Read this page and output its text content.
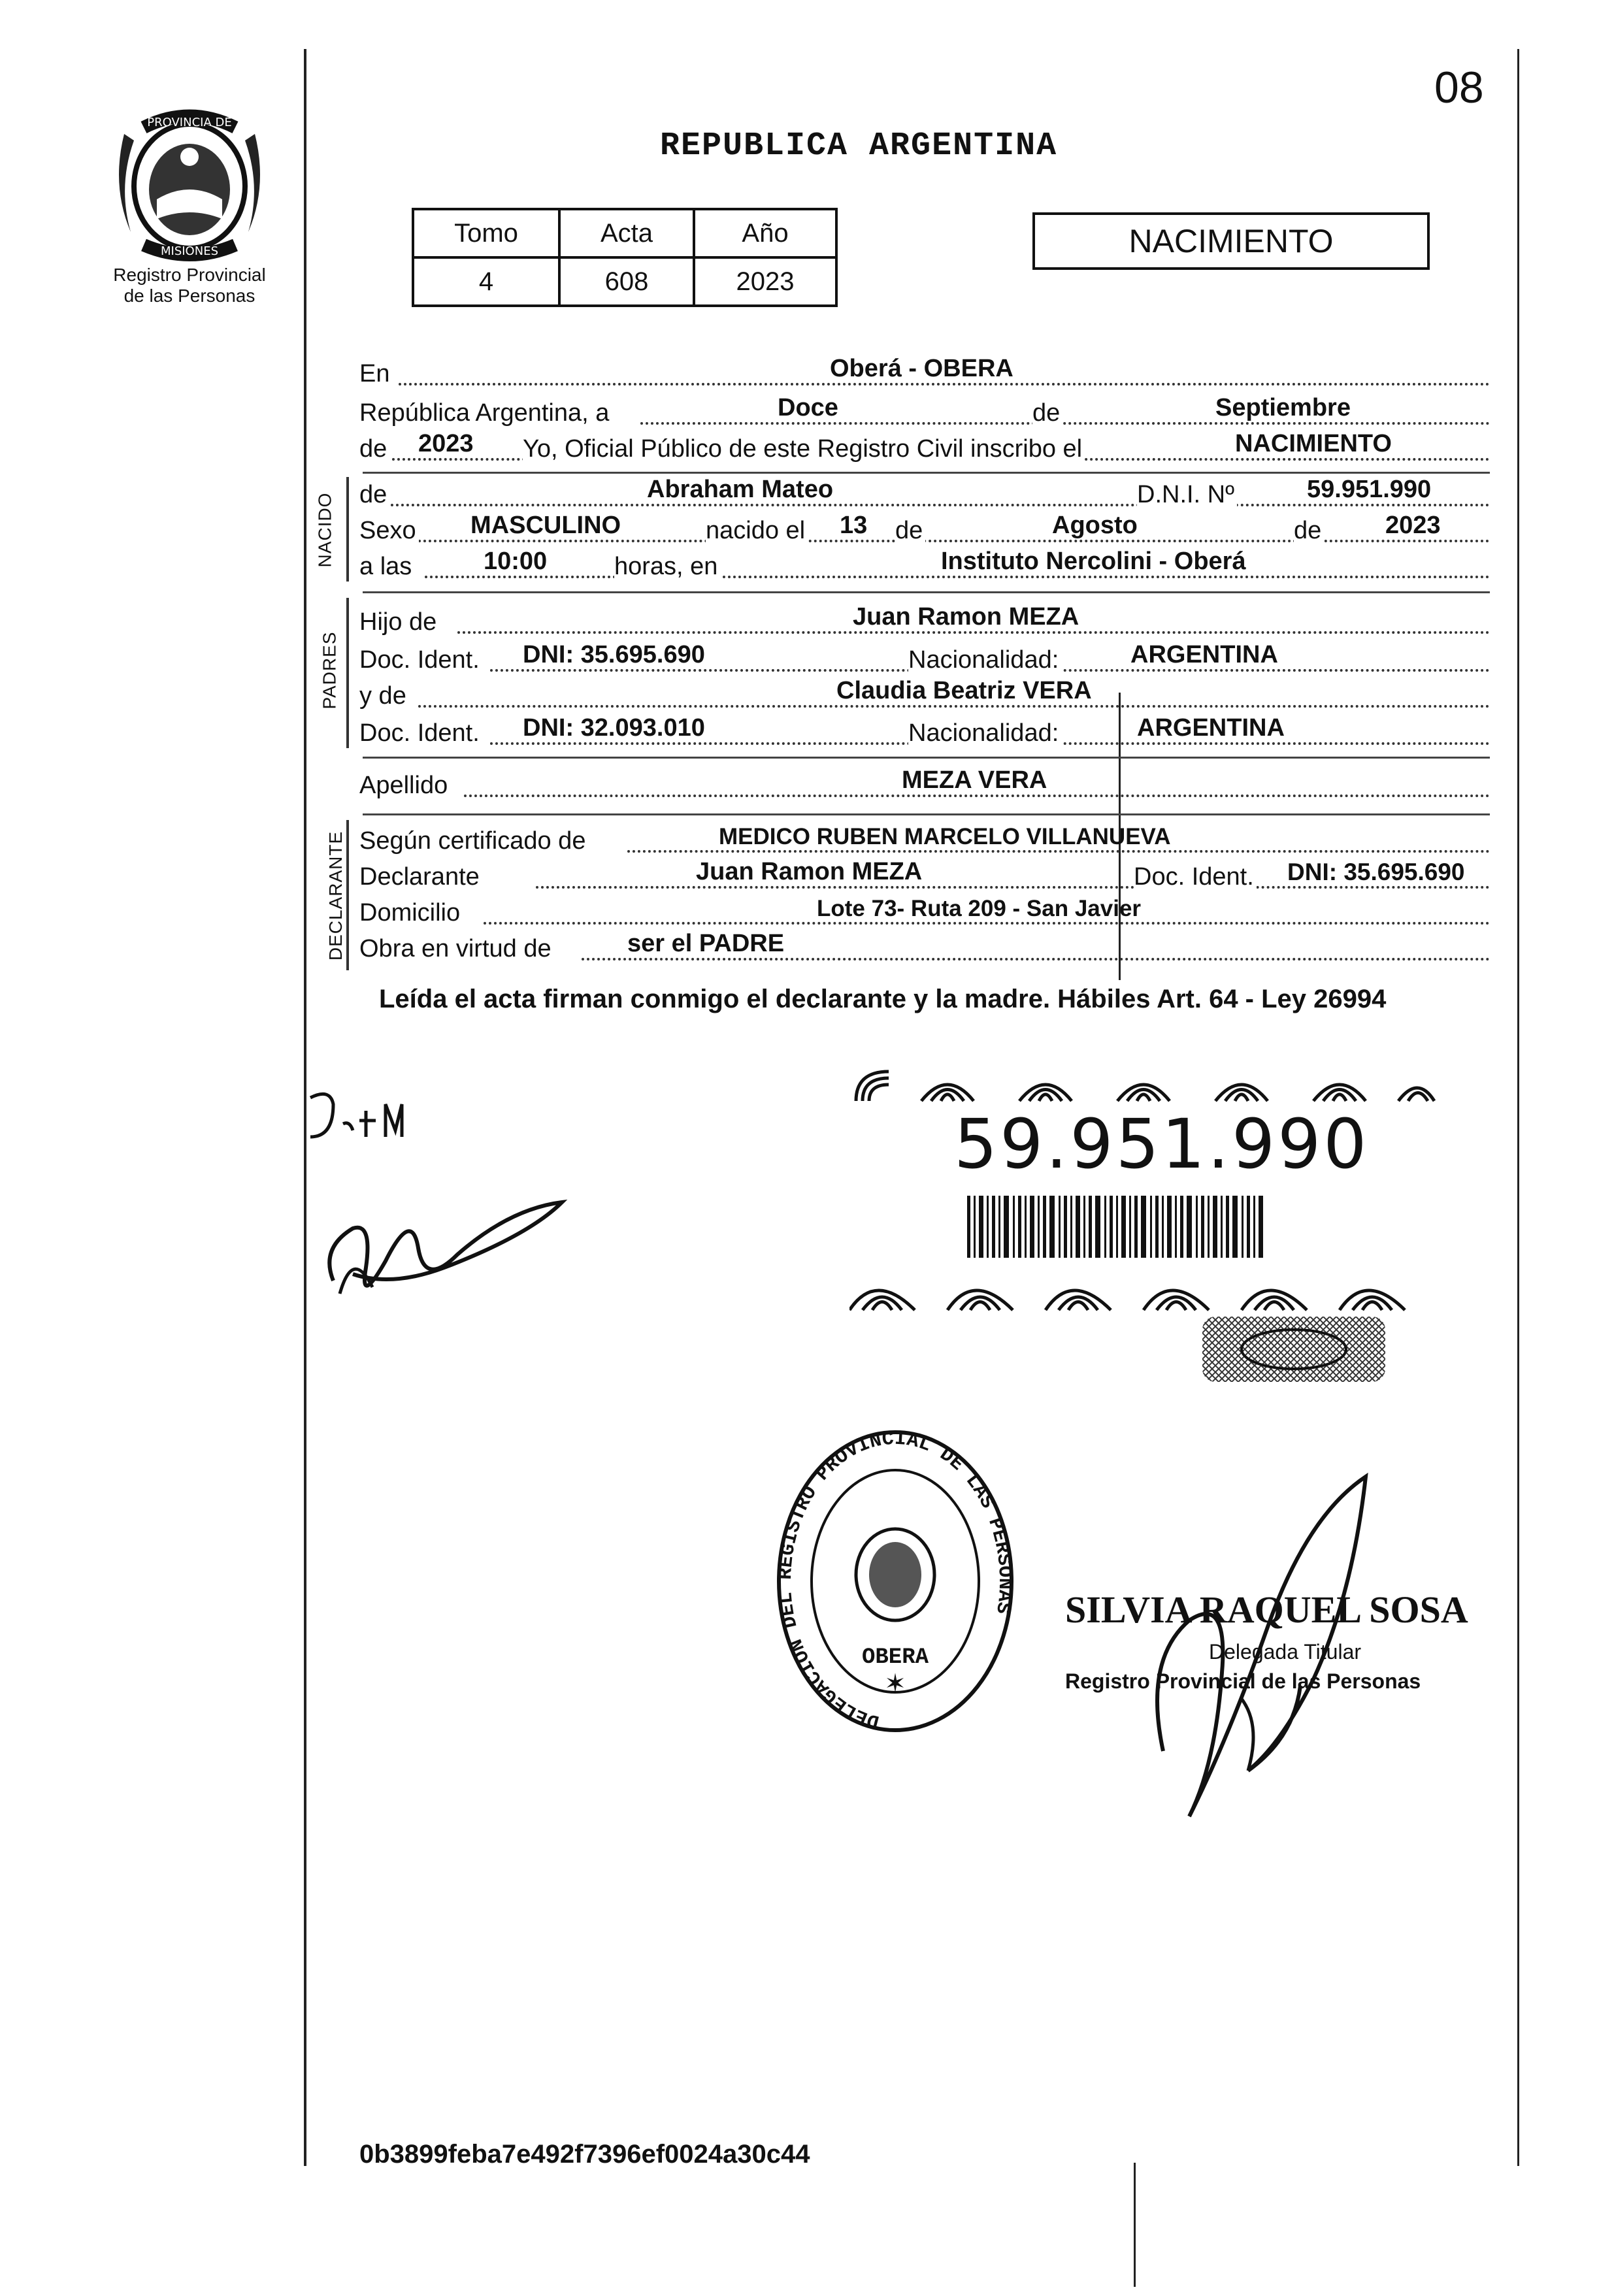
08
PROVINCIA DE
MISIONES
Registro Provincial
de las Personas
REPUBLICA ARGENTINA
Tomo	Acta	Año
4	608	2023
NACIMIENTO
En	Oberá - OBERA
República Argentina, a	Doce	de	Septiembre
de 2023 Yo, Oficial Público de este Registro Civil inscribo el	NACIMIENTO
NACIDO de	Abraham Mateo	D.N.I. Nº	59.951.990
Sexo MASCULINO	nacido el 13 de	Agosto	de	2023
a las	10:00	horas, en	Instituto Nercolini - Oberá
PADRES
Hijo de	Juan Ramon MEZA
Doc. Ident. DNI: 35.695.690	Nacionalidad:	ARGENTINA
y de	Claudia Beatriz VERA
Doc. Ident. DNI: 32.093.010	Nacionalidad:	ARGENTINA
Apellido	MEZA VERA
DECLARANTE Según certificado de	MEDICO RUBEN MARCELO VILLANUEVA
Declarante	Juan Ramon MEZA	Doc. Ident. DNI: 35.695.690
Domicilio	Lote 73- Ruta 209 - San Javier
Obra en virtud de	ser el PADRE
Leída el acta firman conmigo el declarante y la madre. Hábiles Art. 64 - Ley 26994
59.951.990
DELEGACION DEL REGISTRO PROVINCIAL DE LAS PERSONAS
OBERA
✶
SILVIA RAQUEL SOSA
Delegada Titular
Registro Provincial de las Personas
0b3899feba7e492f7396ef0024a30c44
